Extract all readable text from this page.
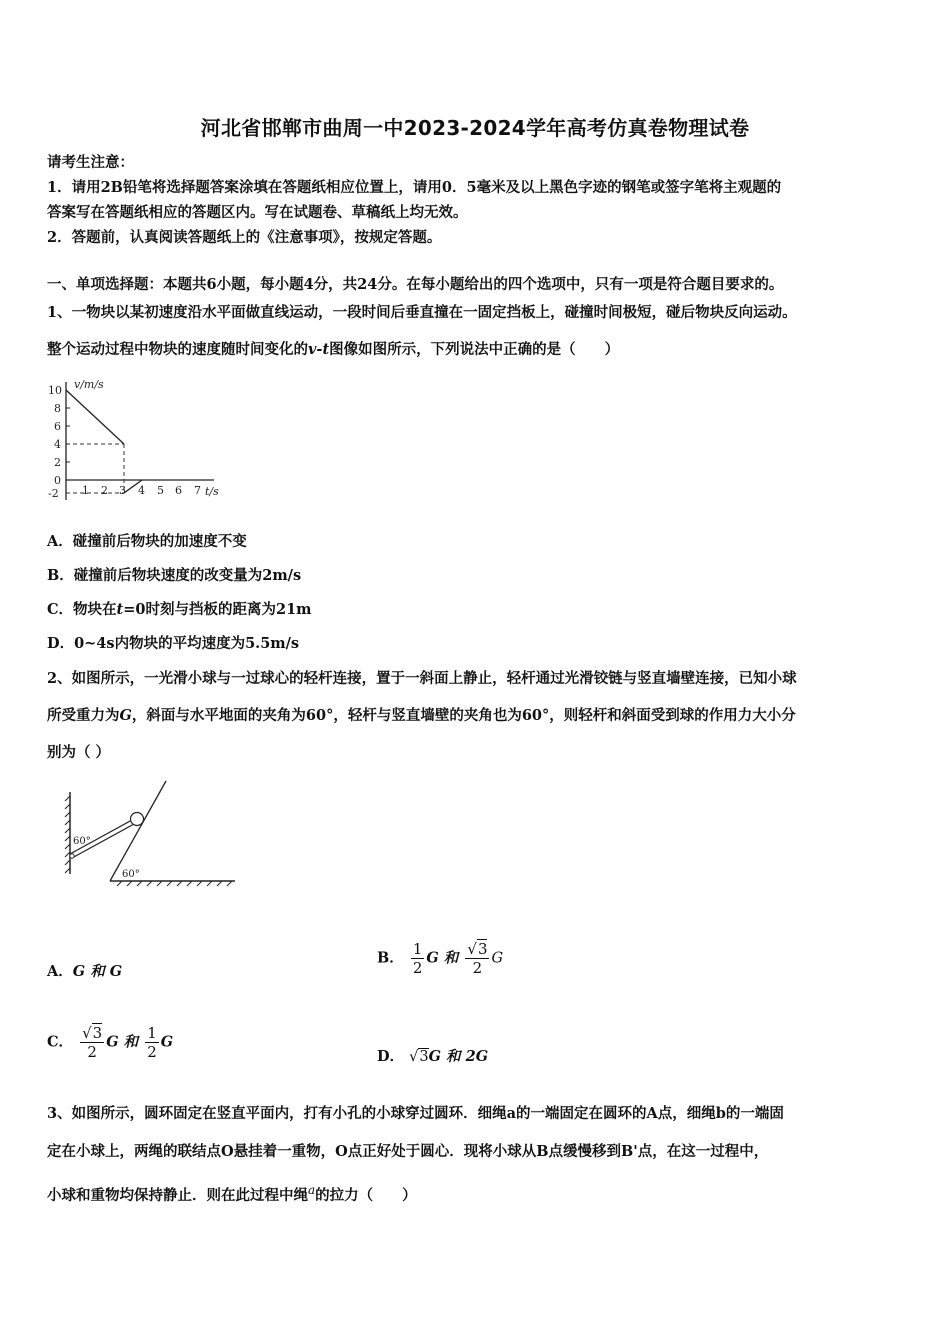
河北省邯郸市曲周一中2023-2024学年高考仿真卷物理试卷
请考生注意：
1．请用2B铅笔将选择题答案涂填在答题纸相应位置上，请用0．5毫米及以上黑色字迹的钢笔或签字笔将主观题的
答案写在答题纸相应的答题区内。写在试题卷、草稿纸上均无效。
2．答题前，认真阅读答题纸上的《注意事项》，按规定答题。
一、单项选择题：本题共6小题，每小题4分，共24分。在每小题给出的四个选项中，只有一项是符合题目要求的。
1、一物块以某初速度沿水平面做直线运动，一段时间后垂直撞在一固定挡板上，碰撞时间极短，碰后物块反向运动。
整个运动过程中物块的速度随时间变化的v-t图像如图所示，下列说法中正确的是（　　）
10
8
6
4
2
0
-2 1 2 3 4 5 6 7
v/m/s
t/s
A．碰撞前后物块的加速度不变
B．碰撞前后物块速度的改变量为2m/s
C．物块在t=0时刻与挡板的距离为21m
D．0~4s内物块的平均速度为5.5m/s
2、如图所示，一光滑小球与一过球心的轻杆连接，置于一斜面上静止，轻杆通过光滑铰链与竖直墙壁连接，已知小球
所受重力为G，斜面与水平地面的夹角为60°，轻杆与竖直墙壁的夹角也为60°，则轻杆和斜面受到球的作用力大小分
别为（ ）
60°
60°
A．G 和 G
B． $\frac{1}{2}$ G 和 $\frac{√3}{2}$ G
C． $\frac{√3}{2}$ G 和 $\frac{1}{2}$ G
D． √3G 和 2G
3、如图所示，圆环固定在竖直平面内，打有小孔的小球穿过圆环．细绳a的一端固定在圆环的A点，细绳b的一端固
定在小球上，两绳的联结点O悬挂着一重物，O点正好处于圆心．现将小球从B点缓慢移到B'点，在这一过程中，
小球和重物均保持静止．则在此过程中绳$^a$的拉力（　　）
